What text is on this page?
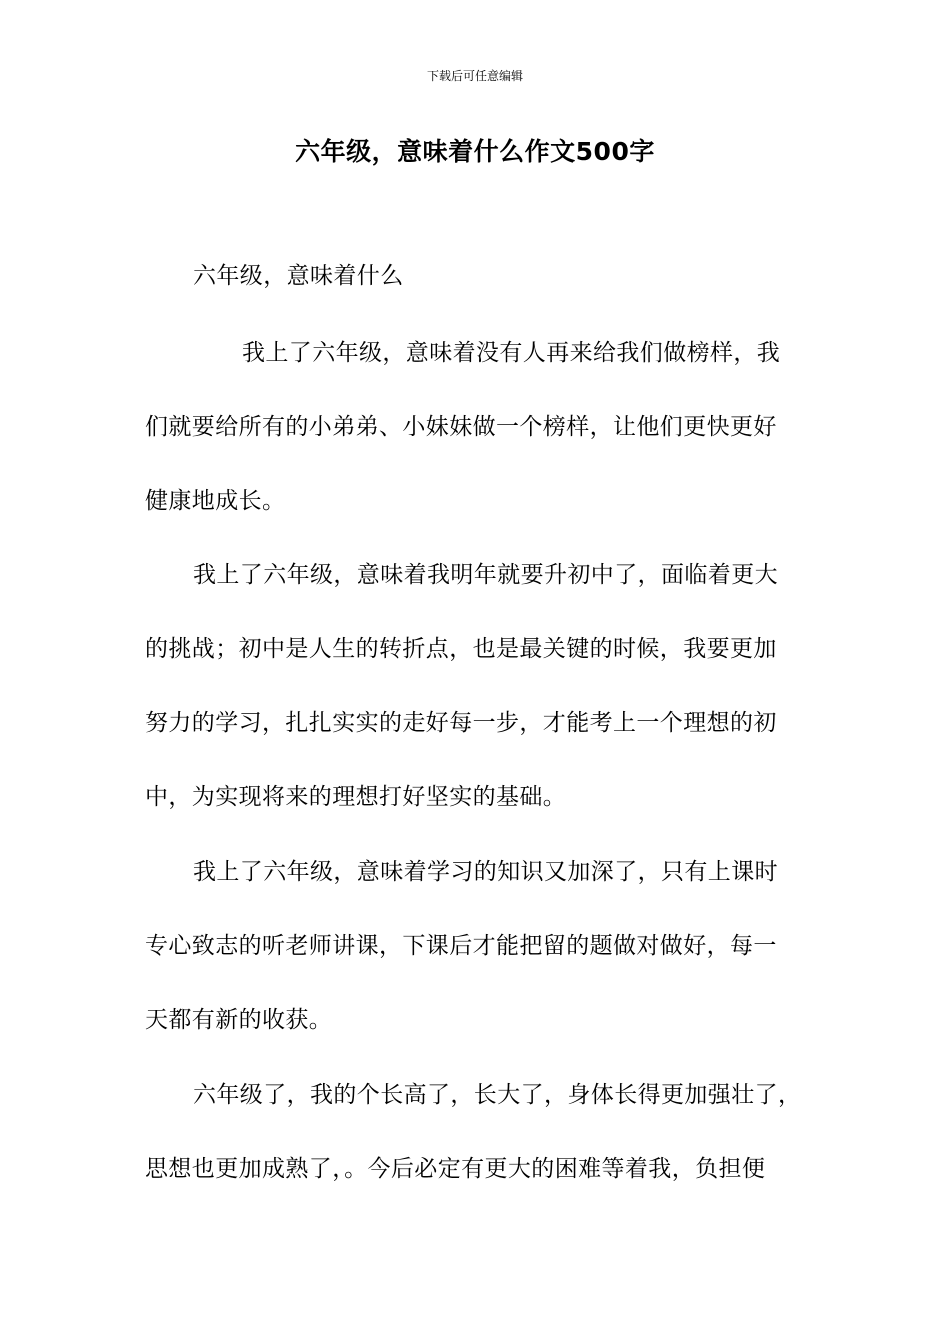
下载后可任意编辑
六年级，意味着什么作文500字
六年级，意味着什么
我上了六年级，意味着没有人再来给我们做榜样，我
们就要给所有的小弟弟、小妹妹做一个榜样，让他们更快更好
健康地成长。
我上了六年级，意味着我明年就要升初中了，面临着更大
的挑战；初中是人生的转折点，也是最关键的时候，我要更加
努力的学习，扎扎实实的走好每一步，才能考上一个理想的初
中，为实现将来的理想打好坚实的基础。
我上了六年级，意味着学习的知识又加深了，只有上课时
专心致志的听老师讲课，下课后才能把留的题做对做好，每一
天都有新的收获。
六年级了，我的个长高了，长大了，身体长得更加强壮了，
思想也更加成熟了，。今后必定有更大的困难等着我，负担便
